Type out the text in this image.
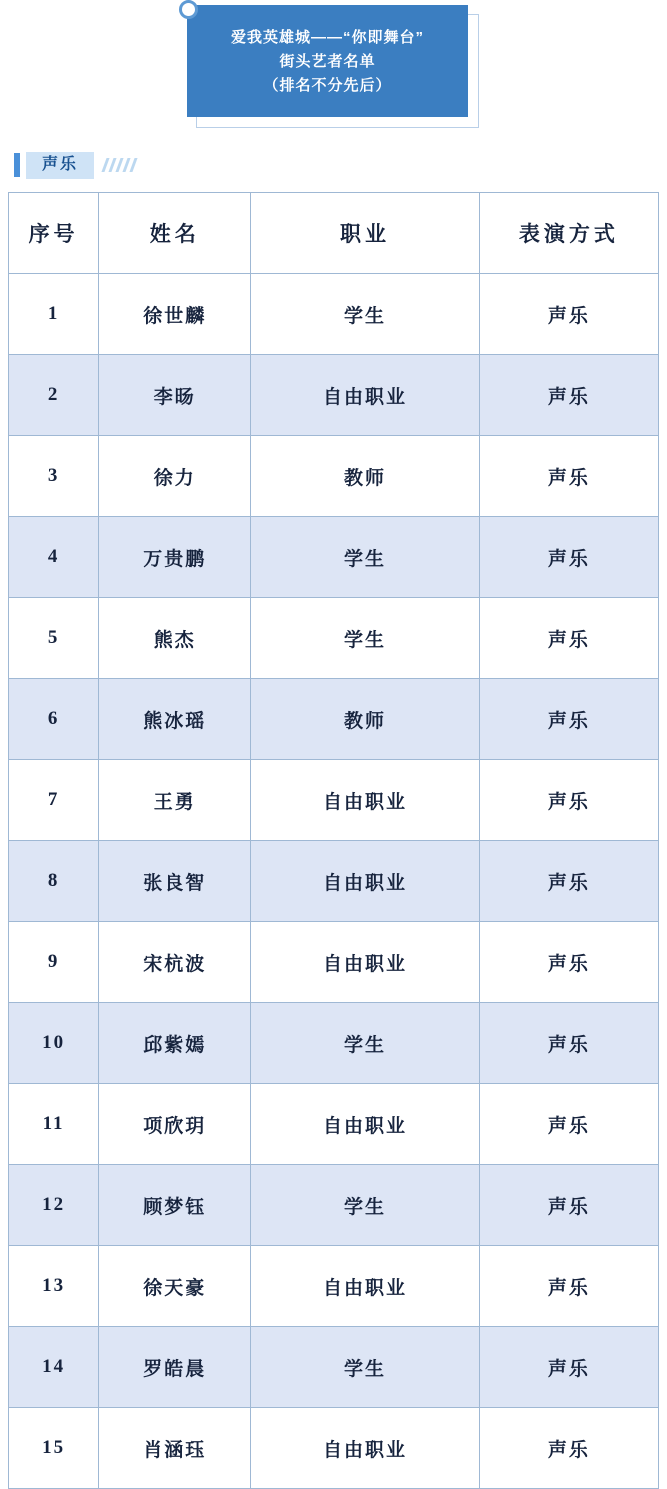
爱我英雄城——“你即舞台”
街头艺者名单
（排名不分先后）
声乐
序号	姓名	职业	表演方式
1	徐世麟	学生	声乐
2	李旸	自由职业	声乐
3	徐力	教师	声乐
4	万贵鹏	学生	声乐
5	熊杰	学生	声乐
6	熊冰瑶	教师	声乐
7	王勇	自由职业	声乐
8	张良智	自由职业	声乐
9	宋杭波	自由职业	声乐
10	邱紫嫣	学生	声乐
11	项欣玥	自由职业	声乐
12	顾梦钰	学生	声乐
13	徐天豪	自由职业	声乐
14	罗皓晨	学生	声乐
15	肖涵珏	自由职业	声乐
